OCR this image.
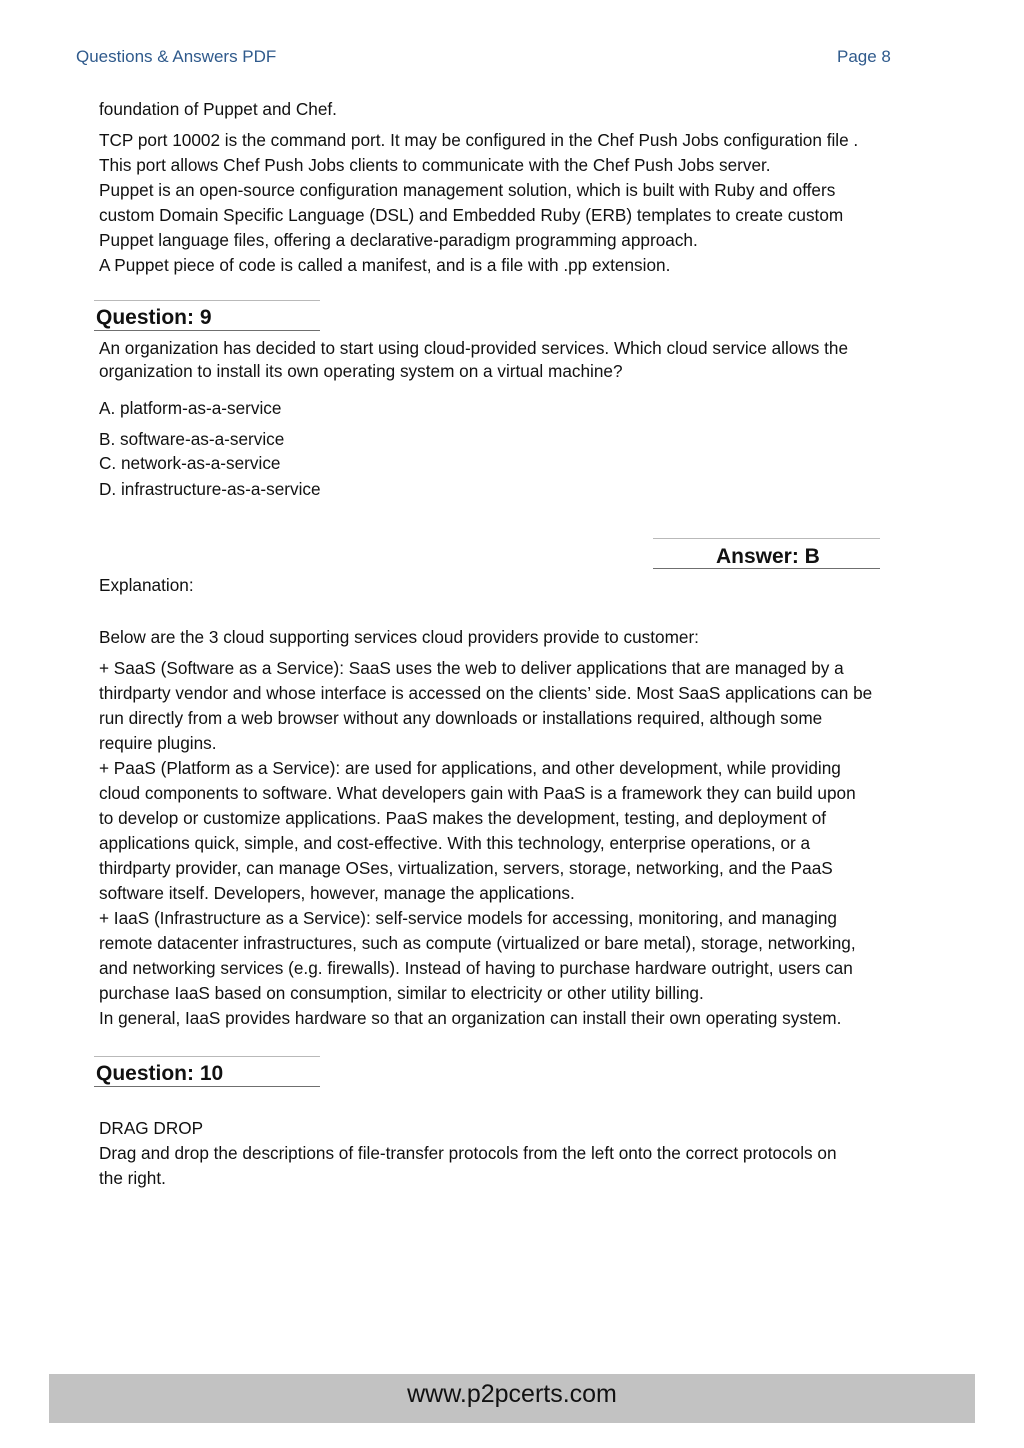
Questions & Answers PDF	Page 8
foundation of Puppet and Chef.
TCP port 10002 is the command port. It may be configured in the Chef Push Jobs configuration file .
This port allows Chef Push Jobs clients to communicate with the Chef Push Jobs server.
Puppet is an open-source configuration management solution, which is built with Ruby and offers
custom Domain Specific Language (DSL) and Embedded Ruby (ERB) templates to create custom
Puppet language files, offering a declarative-paradigm programming approach.
A Puppet piece of code is called a manifest, and is a file with .pp extension.
Question: 9
An organization has decided to start using cloud-provided services. Which cloud service allows the
organization to install its own operating system on a virtual machine?
A. platform-as-a-service
B. software-as-a-service
C. network-as-a-service
D. infrastructure-as-a-service
Answer: B
Explanation:
Below are the 3 cloud supporting services cloud providers provide to customer:
+ SaaS (Software as a Service): SaaS uses the web to deliver applications that are managed by a
thirdparty vendor and whose interface is accessed on the clients’ side. Most SaaS applications can be
run directly from a web browser without any downloads or installations required, although some
require plugins.
+ PaaS (Platform as a Service): are used for applications, and other development, while providing
cloud components to software. What developers gain with PaaS is a framework they can build upon
to develop or customize applications. PaaS makes the development, testing, and deployment of
applications quick, simple, and cost-effective. With this technology, enterprise operations, or a
thirdparty provider, can manage OSes, virtualization, servers, storage, networking, and the PaaS
software itself. Developers, however, manage the applications.
+ IaaS (Infrastructure as a Service): self-service models for accessing, monitoring, and managing
remote datacenter infrastructures, such as compute (virtualized or bare metal), storage, networking,
and networking services (e.g. firewalls). Instead of having to purchase hardware outright, users can
purchase IaaS based on consumption, similar to electricity or other utility billing.
In general, IaaS provides hardware so that an organization can install their own operating system.
Question: 10
DRAG DROP
Drag and drop the descriptions of file-transfer protocols from the left onto the correct protocols on
the right.
www.p2pcerts.com
